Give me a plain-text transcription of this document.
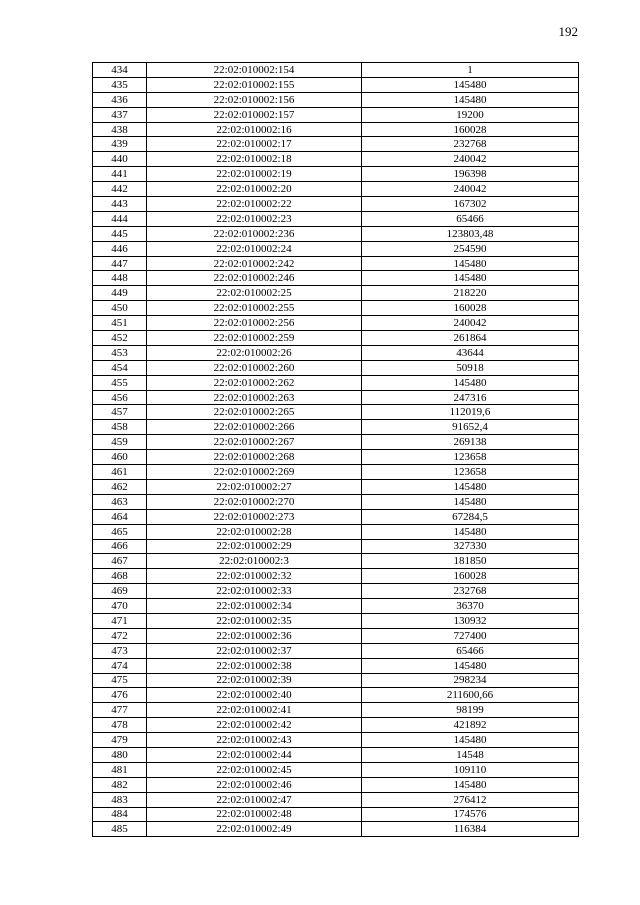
192
434	22:02:010002:154	1
435	22:02:010002:155	145480
436	22:02:010002:156	145480
437	22:02:010002:157	19200
438	22:02:010002:16	160028
439	22:02:010002:17	232768
440	22:02:010002:18	240042
441	22:02:010002:19	196398
442	22:02:010002:20	240042
443	22:02:010002:22	167302
444	22:02:010002:23	65466
445	22:02:010002:236	123803,48
446	22:02:010002:24	254590
447	22:02:010002:242	145480
448	22:02:010002:246	145480
449	22:02:010002:25	218220
450	22:02:010002:255	160028
451	22:02:010002:256	240042
452	22:02:010002:259	261864
453	22:02:010002:26	43644
454	22:02:010002:260	50918
455	22:02:010002:262	145480
456	22:02:010002:263	247316
457	22:02:010002:265	112019,6
458	22:02:010002:266	91652,4
459	22:02:010002:267	269138
460	22:02:010002:268	123658
461	22:02:010002:269	123658
462	22:02:010002:27	145480
463	22:02:010002:270	145480
464	22:02:010002:273	67284,5
465	22:02:010002:28	145480
466	22:02:010002:29	327330
467	22:02:010002:3	181850
468	22:02:010002:32	160028
469	22:02:010002:33	232768
470	22:02:010002:34	36370
471	22:02:010002:35	130932
472	22:02:010002:36	727400
473	22:02:010002:37	65466
474	22:02:010002:38	145480
475	22:02:010002:39	298234
476	22:02:010002:40	211600,66
477	22:02:010002:41	98199
478	22:02:010002:42	421892
479	22:02:010002:43	145480
480	22:02:010002:44	14548
481	22:02:010002:45	109110
482	22:02:010002:46	145480
483	22:02:010002:47	276412
484	22:02:010002:48	174576
485	22:02:010002:49	116384
